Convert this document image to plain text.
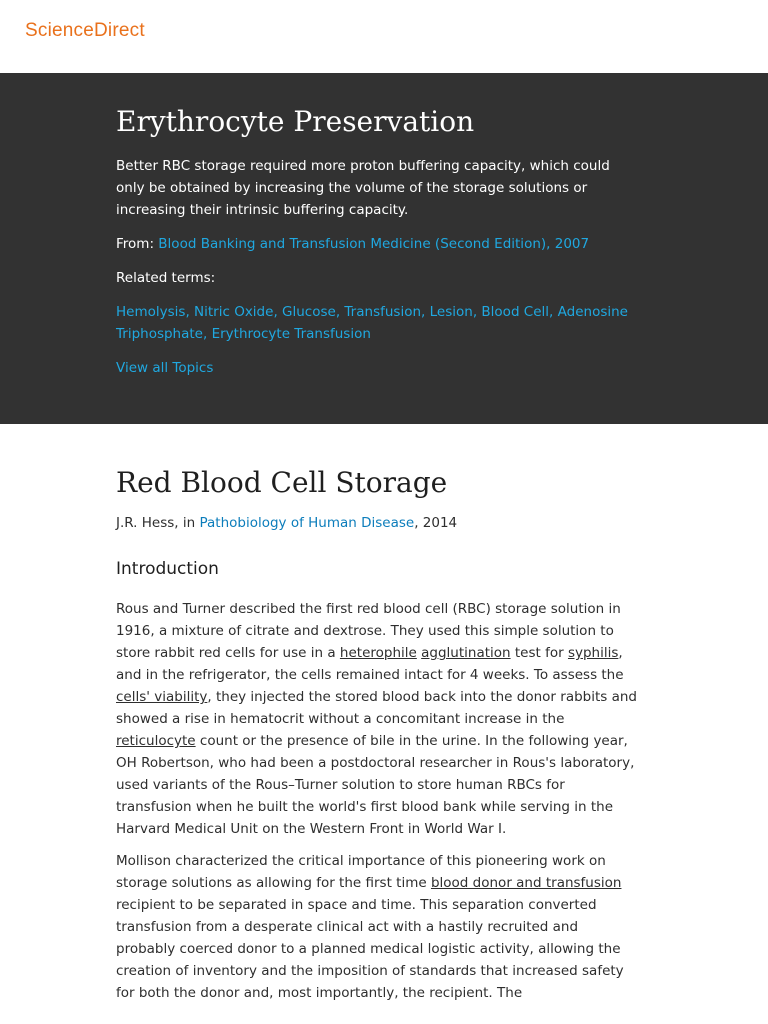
ScienceDirect
Erythrocyte Preservation

Better RBC storage required more proton buffering capacity, which could only be obtained by increasing the volume of the storage solutions or increasing their intrinsic buffering capacity.

From: Blood Banking and Transfusion Medicine (Second Edition), 2007

Related terms:

Hemolysis, Nitric Oxide, Glucose, Transfusion, Lesion, Blood Cell, Adenosine Triphosphate, Erythrocyte Transfusion

View all Topics

Red Blood Cell Storage

J.R. Hess, in Pathobiology of Human Disease, 2014

Introduction

Rous and Turner described the first red blood cell (RBC) storage solution in 1916, a mixture of citrate and dextrose. They used this simple solution to store rabbit red cells for use in a heterophile agglutination test for syphilis, and in the refrigerator, the cells remained intact for 4 weeks. To assess the cells' viability, they injected the stored blood back into the donor rabbits and showed a rise in hematocrit without a concomitant increase in the reticulocyte count or the presence of bile in the urine. In the following year, OH Robertson, who had been a postdoctoral researcher in Rous's laboratory, used variants of the Rous–Turner solution to store human RBCs for transfusion when he built the world's first blood bank while serving in the Harvard Medical Unit on the Western Front in World War I.

Mollison characterized the critical importance of this pioneering work on storage solutions as allowing for the first time blood donor and transfusion recipient to be separated in space and time. This separation converted transfusion from a desperate clinical act with a hastily recruited and probably coerced donor to a planned medical logistic activity, allowing the creation of inventory and the imposition of standards that increased safety for both the donor and, most importantly, the recipient. The
